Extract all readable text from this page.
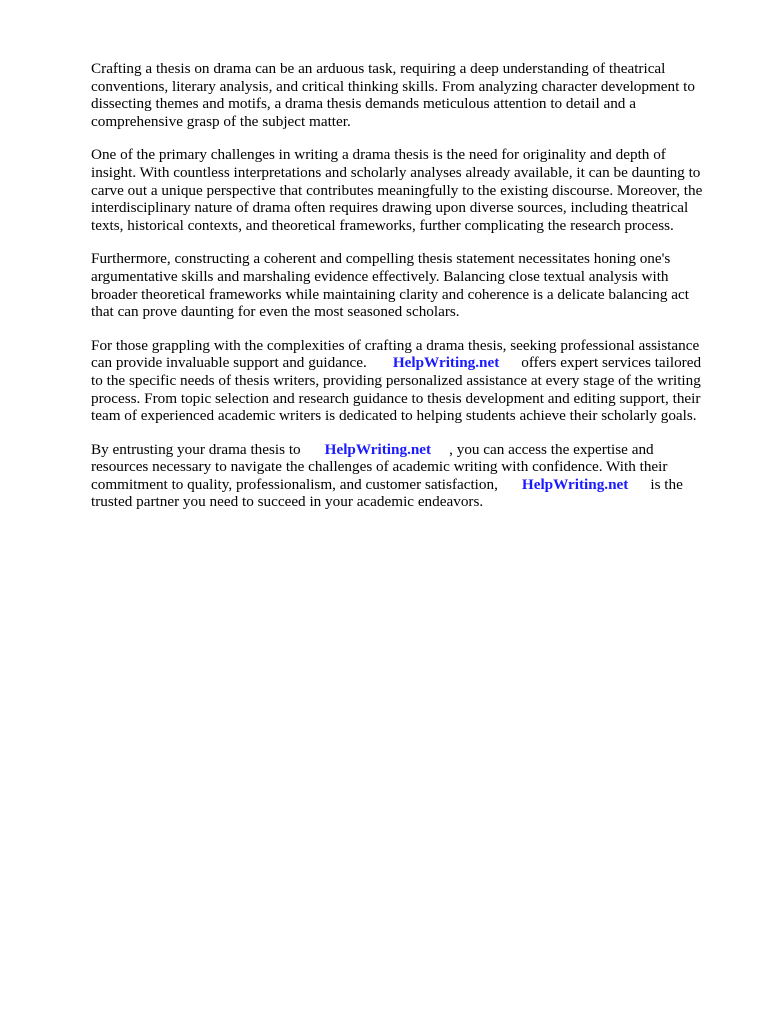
Crafting a thesis on drama can be an arduous task, requiring a deep understanding of theatrical
conventions, literary analysis, and critical thinking skills. From analyzing character development to
dissecting themes and motifs, a drama thesis demands meticulous attention to detail and a
comprehensive grasp of the subject matter.

One of the primary challenges in writing a drama thesis is the need for originality and depth of
insight. With countless interpretations and scholarly analyses already available, it can be daunting to
carve out a unique perspective that contributes meaningfully to the existing discourse. Moreover, the
interdisciplinary nature of drama often requires drawing upon diverse sources, including theatrical
texts, historical contexts, and theoretical frameworks, further complicating the research process.

Furthermore, constructing a coherent and compelling thesis statement necessitates honing one's
argumentative skills and marshaling evidence effectively. Balancing close textual analysis with
broader theoretical frameworks while maintaining clarity and coherence is a delicate balancing act
that can prove daunting for even the most seasoned scholars.

For those grappling with the complexities of crafting a drama thesis, seeking professional assistance
can provide invaluable support and guidance. HelpWriting.net offers expert services tailored
to the specific needs of thesis writers, providing personalized assistance at every stage of the writing
process. From topic selection and research guidance to thesis development and editing support, their
team of experienced academic writers is dedicated to helping students achieve their scholarly goals.

By entrusting your drama thesis to HelpWriting.net , you can access the expertise and
resources necessary to navigate the challenges of academic writing with confidence. With their
commitment to quality, professionalism, and customer satisfaction, HelpWriting.net is the
trusted partner you need to succeed in your academic endeavors.
